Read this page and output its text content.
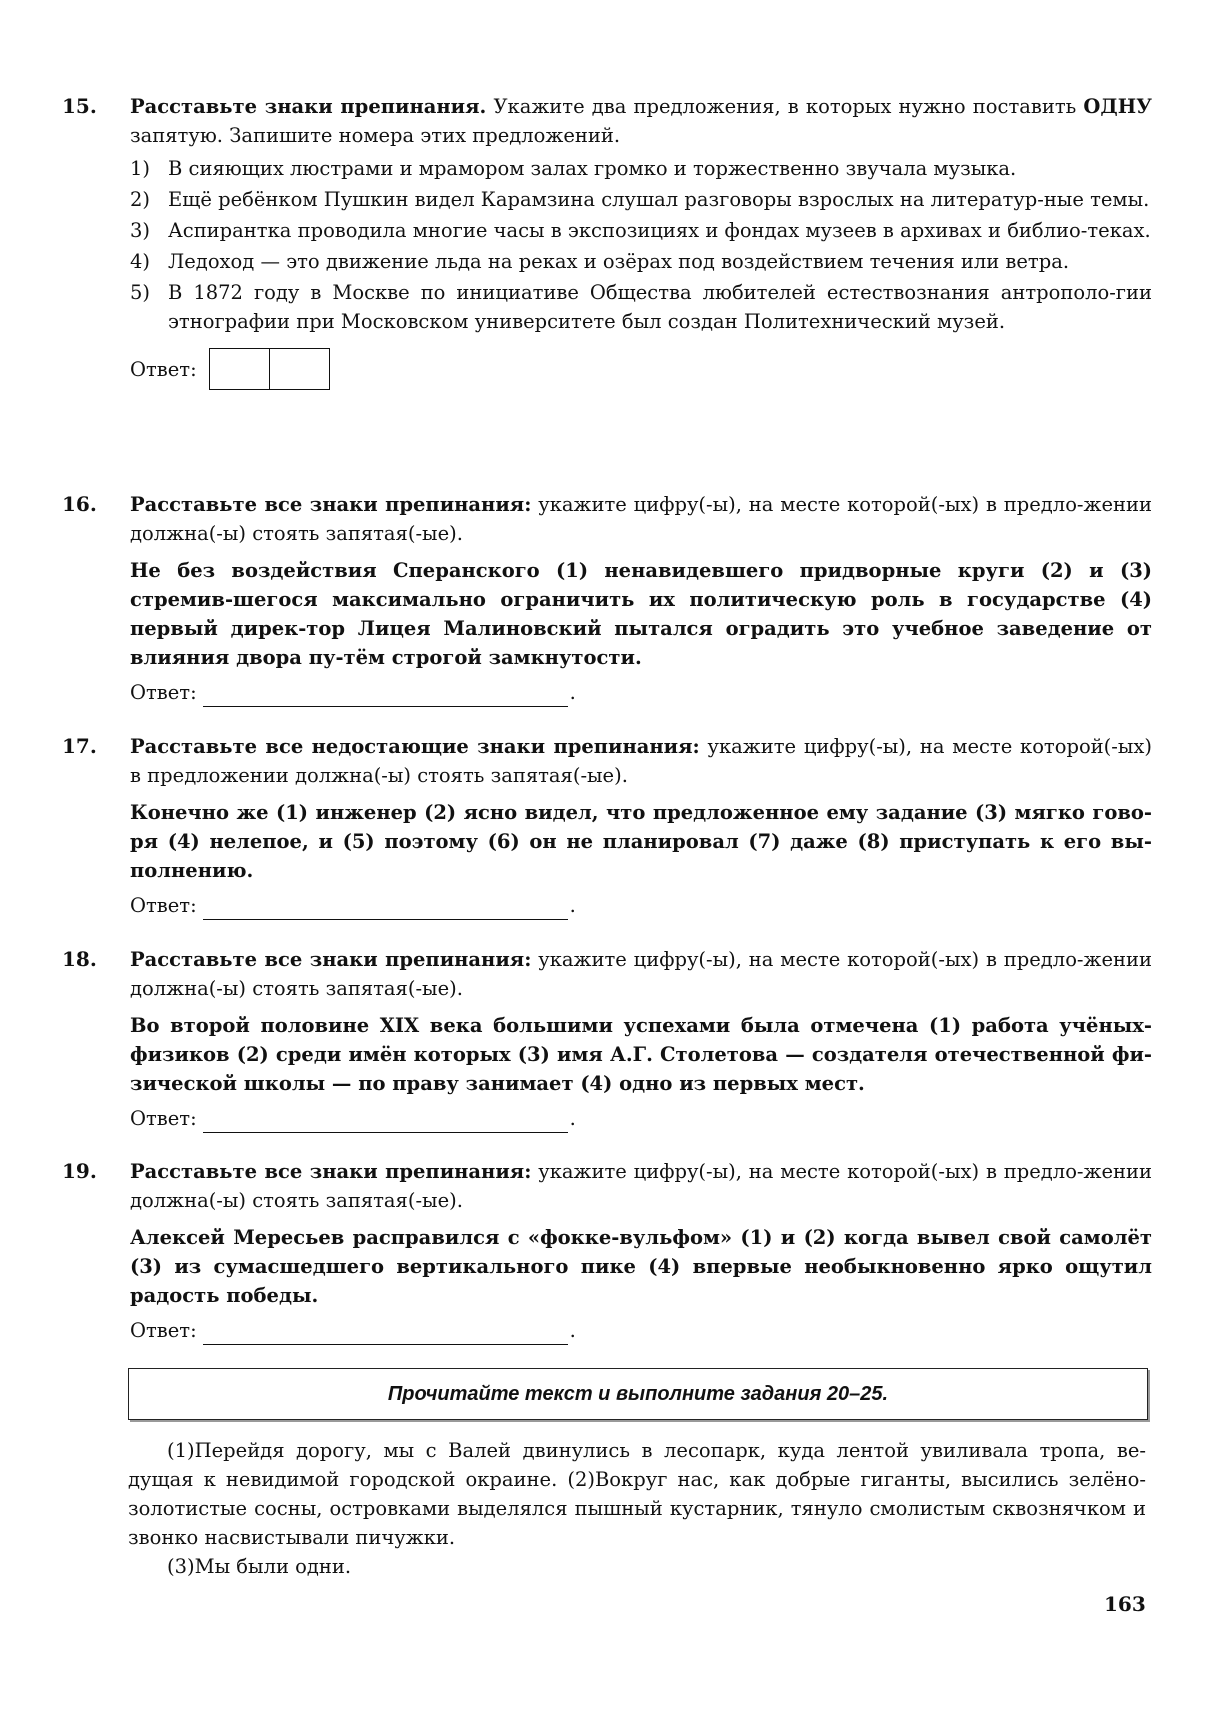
15. Расставьте знаки препинания. Укажите два предложения, в которых нужно поставить ОДНУ запятую. Запишите номера этих предложений.

1) В сияющих люстрами и мрамором залах громко и торжественно звучала музыка.
2) Ещё ребёнком Пушкин видел Карамзина слушал разговоры взрослых на литератур-ные темы.
3) Аспирантка проводила многие часы в экспозициях и фондах музеев в архивах и библио-теках.
4) Ледоход — это движение льда на реках и озёрах под воздействием течения или ветра.
5) В 1872 году в Москве по инициативе Общества любителей естествознания антрополо-гии этнографии при Московском университете был создан Политехнический музей.
Ответ:
16. Расставьте все знаки препинания: укажите цифру(-ы), на месте которой(-ых) в предло-жении должна(-ы) стоять запятая(-ые).

Не без воздействия Сперанского (1) ненавидевшего придворные круги (2) и (3) стремив-шегося максимально ограничить их политическую роль в государстве (4) первый дирек-тор Лицея Малиновский пытался оградить это учебное заведение от влияния двора пу-тём строгой замкнутости.

Ответ:	.
17. Расставьте все недостающие знаки препинания: укажите цифру(-ы), на месте которой(-ых) в предложении должна(-ы) стоять запятая(-ые).

Конечно же (1) инженер (2) ясно видел, что предложенное ему задание (3) мягко гово-ря (4) нелепое, и (5) поэтому (6) он не планировал (7) даже (8) приступать к его вы-полнению.

Ответ:	.
18. Расставьте все знаки препинания: укажите цифру(-ы), на месте которой(-ых) в предло-жении должна(-ы) стоять запятая(-ые).

Во второй половине XIX века большими успехами была отмечена (1) работа учёных-физиков (2) среди имён которых (3) имя А.Г. Столетова — создателя отечественной фи-зической школы — по праву занимает (4) одно из первых мест.

Ответ:	.
19. Расставьте все знаки препинания: укажите цифру(-ы), на месте которой(-ых) в предло-жении должна(-ы) стоять запятая(-ые).

Алексей Мересьев расправился с «фокке-вульфом» (1) и (2) когда вывел свой самолёт (3) из сумасшедшего вертикального пике (4) впервые необыкновенно ярко ощутил радость победы.

Ответ:	.
Прочитайте текст и выполните задания 20–25.

(1)Перейдя дорогу, мы с Валей двинулись в лесопарк, куда лентой увиливала тропа, ве-дущая к невидимой городской окраине. (2)Вокруг нас, как добрые гиганты, высились зелёно-золотистые сосны, островками выделялся пышный кустарник, тянуло смолистым сквознячком и звонко насвистывали пичужки.

(3)Мы были одни.

163
